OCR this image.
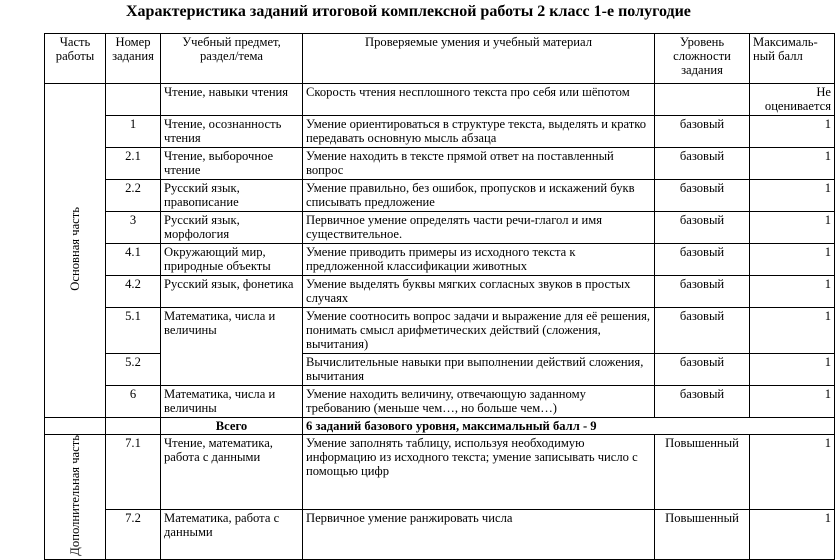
Характеристика заданий итоговой комплексной работы 2 класс 1-е полугодие
Часть работы	Номер задания	Учебный предмет, раздел/тема	Проверяемые умения и учебный материал	Уровень сложности задания	Максимальный балл
Основная часть		Чтение, навыки чтения	Скорость чтения несплошного текста про себя или шёпотом		Не оценивается
	1	Чтение, осознанность чтения	Умение ориентироваться в структуре текста, выделять и кратко передавать основную мысль абзаца	базовый	1
	2.1	Чтение, выборочное чтение	Умение находить в тексте прямой ответ на поставленный вопрос	базовый	1
	2.2	Русский язык, правописание	Умение правильно, без ошибок, пропусков и искажений букв списывать предложение	базовый	1
	3	Русский язык, морфология	Первичное умение определять части речи-глагол и имя существительное.	базовый	1
	4.1	Окружающий мир, природные объекты	Умение приводить примеры из исходного текста к предложенной классификации животных	базовый	1
	4.2	Русский язык, фонетика	Умение выделять буквы мягких согласных звуков в простых случаях	базовый	1
	5.1	Математика, числа и величины	Умение соотносить вопрос задачи и выражение для её решения, понимать смысл арифметических действий (сложения, вычитания)	базовый	1
	5.2		Вычислительные навыки при выполнении действий сложения, вычитания	базовый	1
	6	Математика, числа и величины	Умение находить величину, отвечающую заданному требованию (меньше чем…, но больше чем…)	базовый	1
		Всего	6 заданий базового уровня, максимальный балл - 9		
Дополнительная часть	7.1	Чтение, математика, работа с данными	Умение заполнять таблицу, используя необходимую информацию из исходного текста; умение записывать число с помощью цифр	Повышенный	1
	7.2	Математика, работа с данными	Первичное умение ранжировать числа	Повышенный	1
